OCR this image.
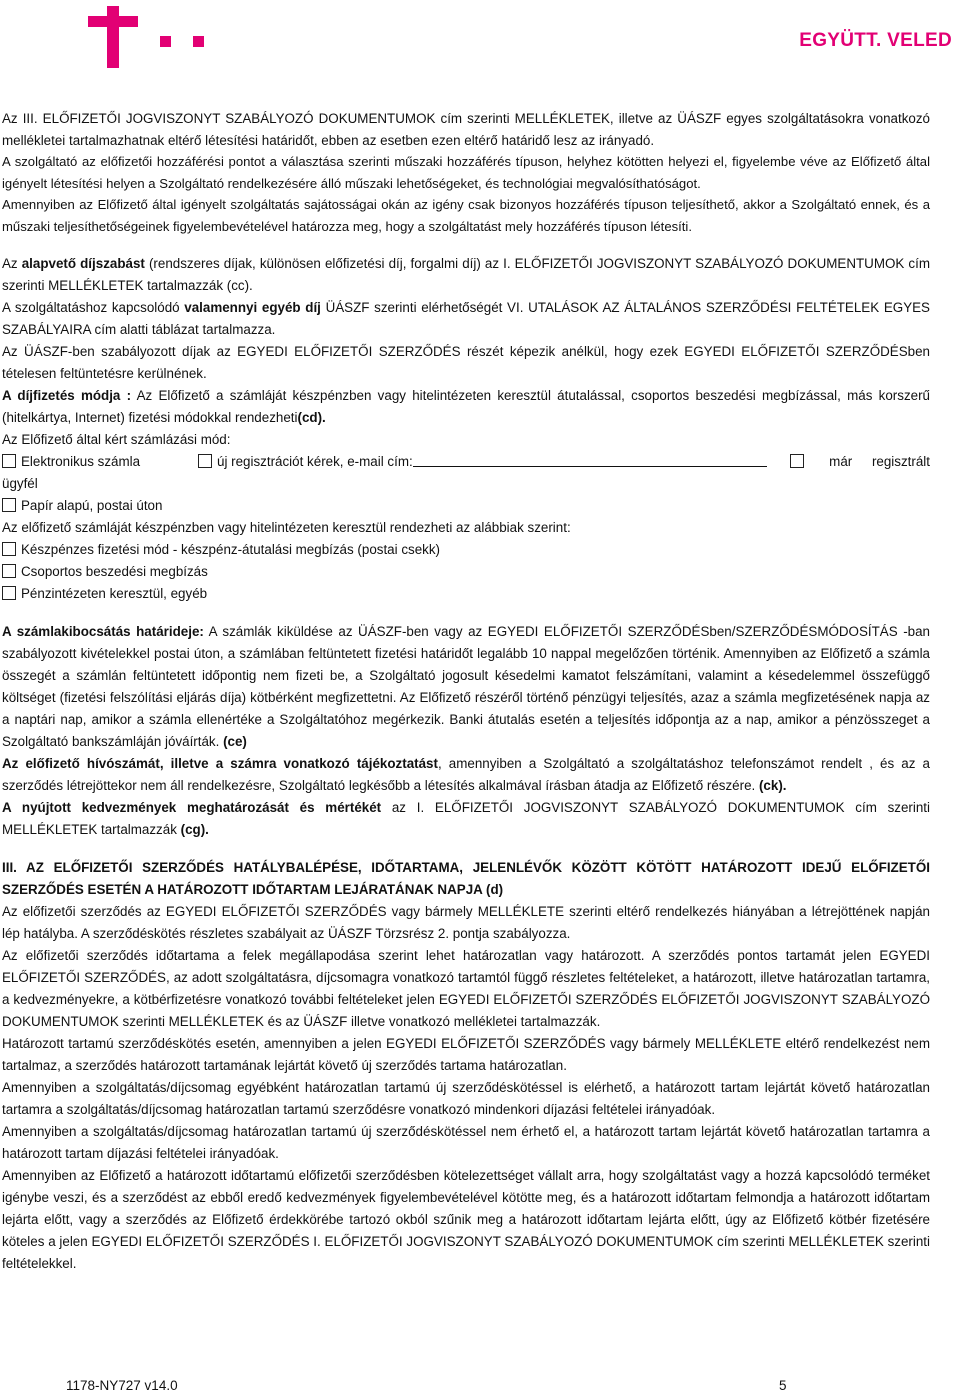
EGYÜTT. VELED

Az III. ELŐFIZETŐI JOGVISZONYT SZABÁLYOZÓ DOKUMENTUMOK cím szerinti MELLÉKLETEK, illetve az ÜÁSZF egyes szolgáltatásokra vonatkozó mellékletei tartalmazhatnak eltérő létesítési határidőt, ebben az esetben ezen eltérő határidő lesz az irányadó.

A szolgáltató az előfizetői hozzáférési pontot a választása szerinti műszaki hozzáférés típuson, helyhez kötötten helyezi el, figyelembe véve az Előfizető által igényelt létesítési helyen a Szolgáltató rendelkezésére álló műszaki lehetőségeket, és technológiai megvalósíthatóságot.

Amennyiben az Előfizető által igényelt szolgáltatás sajátosságai okán az igény csak bizonyos hozzáférés típuson teljesíthető, akkor a Szolgáltató ennek, és a műszaki teljesíthetőségeinek figyelembevételével határozza meg, hogy a szolgáltatást mely hozzáférés típuson létesíti.

Az alapvető díjszabást (rendszeres díjak, különösen előfizetési díj, forgalmi díj) az I. ELŐFIZETŐI JOGVISZONYT SZABÁLYOZÓ DOKUMENTUMOK cím szerinti MELLÉKLETEK tartalmazzák (cc).

A szolgáltatáshoz kapcsolódó valamennyi egyéb díj ÜÁSZF szerinti elérhetőségét VI. UTALÁSOK AZ ÁLTALÁNOS SZERZŐDÉSI FELTÉTELEK EGYES SZABÁLYAIRA cím alatti táblázat tartalmazza.

Az ÜÁSZF-ben szabályozott díjak az EGYEDI ELŐFIZETŐI SZERZŐDÉS részét képezik anélkül, hogy ezek EGYEDI ELŐFIZETŐI SZERZŐDÉSben tételesen feltüntetésre kerülnének.

A díjfizetés módja : Az Előfizető a számláját készpénzben vagy hitelintézeten keresztül átutalással, csoportos beszedési megbízással, más korszerű (hitelkártya, Internet) fizetési módokkal rendezheti(cd).

Az Előfizető által kért számlázási mód:

Elektronikus számla	új regisztrációt kérek, e-mail cím:	már regisztrált
ügyfél
Papír alapú, postai úton
Az előfizető számláját készpénzben vagy hitelintézeten keresztül rendezheti az alábbiak szerint:
Készpénzes fizetési mód - készpénz-átutalási megbízás (postai csekk)
Csoportos beszedési megbízás
Pénzintézeten keresztül, egyéb

A számlakibocsátás határideje: A számlák kiküldése az ÜÁSZF-ben vagy az EGYEDI ELŐFIZETŐI SZERZŐDÉSben/SZERZŐDÉSMÓDOSÍTÁS -ban szabályozott kivételekkel postai úton, a számlában feltüntetett fizetési határidőt legalább 10 nappal megelőzően történik. Amennyiben az Előfizető a számla összegét a számlán feltüntetett időpontig nem fizeti be, a Szolgáltató jogosult késedelmi kamatot felszámítani, valamint a késedelemmel összefüggő költséget (fizetési felszólítási eljárás díja) kötbérként megfizettetni. Az Előfizető részéről történő pénzügyi teljesítés, azaz a számla megfizetésének napja az a naptári nap, amikor a számla ellenértéke a Szolgáltatóhoz megérkezik. Banki átutalás esetén a teljesítés időpontja az a nap, amikor a pénzösszeget a Szolgáltató bankszámláján jóváírták. (ce)

Az előfizető hívószámát, illetve a számra vonatkozó tájékoztatást, amennyiben a Szolgáltató a szolgáltatáshoz telefonszámot rendelt , és az a szerződés létrejöttekor nem áll rendelkezésre, Szolgáltató legkésőbb a létesítés alkalmával írásban átadja az Előfizető részére. (ck).

A nyújtott kedvezmények meghatározását és mértékét az I. ELŐFIZETŐI JOGVISZONYT SZABÁLYOZÓ DOKUMENTUMOK cím szerinti MELLÉKLETEK tartalmazzák (cg).

III. AZ ELŐFIZETŐI SZERZŐDÉS HATÁLYBALÉPÉSE, IDŐTARTAMA, JELENLÉVŐK KÖZÖTT KÖTÖTT HATÁROZOTT IDEJŰ ELŐFIZETŐI SZERZŐDÉS ESETÉN A HATÁROZOTT IDŐTARTAM LEJÁRATÁNAK NAPJA (d)

Az előfizetői szerződés az EGYEDI ELŐFIZETŐI SZERZŐDÉS vagy bármely MELLÉKLETE szerinti eltérő rendelkezés hiányában a létrejöttének napján lép hatályba. A szerződéskötés részletes szabályait az ÜÁSZF Törzsrész 2. pontja szabályozza.

Az előfizetői szerződés időtartama a felek megállapodása szerint lehet határozatlan vagy határozott. A szerződés pontos tartamát jelen EGYEDI ELŐFIZETŐI SZERZŐDÉS, az adott szolgáltatásra, díjcsomagra vonatkozó tartamtól függő részletes feltételeket, a határozott, illetve határozatlan tartamra, a kedvezményekre, a kötbérfizetésre vonatkozó további feltételeket jelen EGYEDI ELŐFIZETŐI SZERZŐDÉS ELŐFIZETŐI JOGVISZONYT SZABÁLYOZÓ DOKUMENTUMOK szerinti MELLÉKLETEK és az ÜÁSZF illetve vonatkozó mellékletei tartalmazzák.

Határozott tartamú szerződéskötés esetén, amennyiben a jelen EGYEDI ELŐFIZETŐI SZERZŐDÉS vagy bármely MELLÉKLETE eltérő rendelkezést nem tartalmaz, a szerződés határozott tartamának lejártát követő új szerződés tartama határozatlan.

Amennyiben a szolgáltatás/díjcsomag egyébként határozatlan tartamú új szerződéskötéssel is elérhető, a határozott tartam lejártát követő határozatlan tartamra a szolgáltatás/díjcsomag határozatlan tartamú szerződésre vonatkozó mindenkori díjazási feltételei irányadóak.

Amennyiben a szolgáltatás/díjcsomag határozatlan tartamú új szerződéskötéssel nem érhető el, a határozott tartam lejártát követő határozatlan tartamra a határozott tartam díjazási feltételei irányadóak.

Amennyiben az Előfizető a határozott időtartamú előfizetői szerződésben kötelezettséget vállalt arra, hogy szolgáltatást vagy a hozzá kapcsolódó terméket igénybe veszi, és a szerződést az ebből eredő kedvezmények figyelembevételével kötötte meg, és a határozott időtartam felmondja a határozott időtartam lejárta előtt, vagy a szerződés az Előfizető érdekkörébe tartozó okból szűnik meg a határozott időtartam lejárta előtt, úgy az Előfizető kötbér fizetésére köteles a jelen EGYEDI ELŐFIZETŐI SZERZŐDÉS I. ELŐFIZETŐI JOGVISZONYT SZABÁLYOZÓ DOKUMENTUMOK cím szerinti MELLÉKLETEK szerinti feltételekkel.

1178-NY727 v14.0	5
